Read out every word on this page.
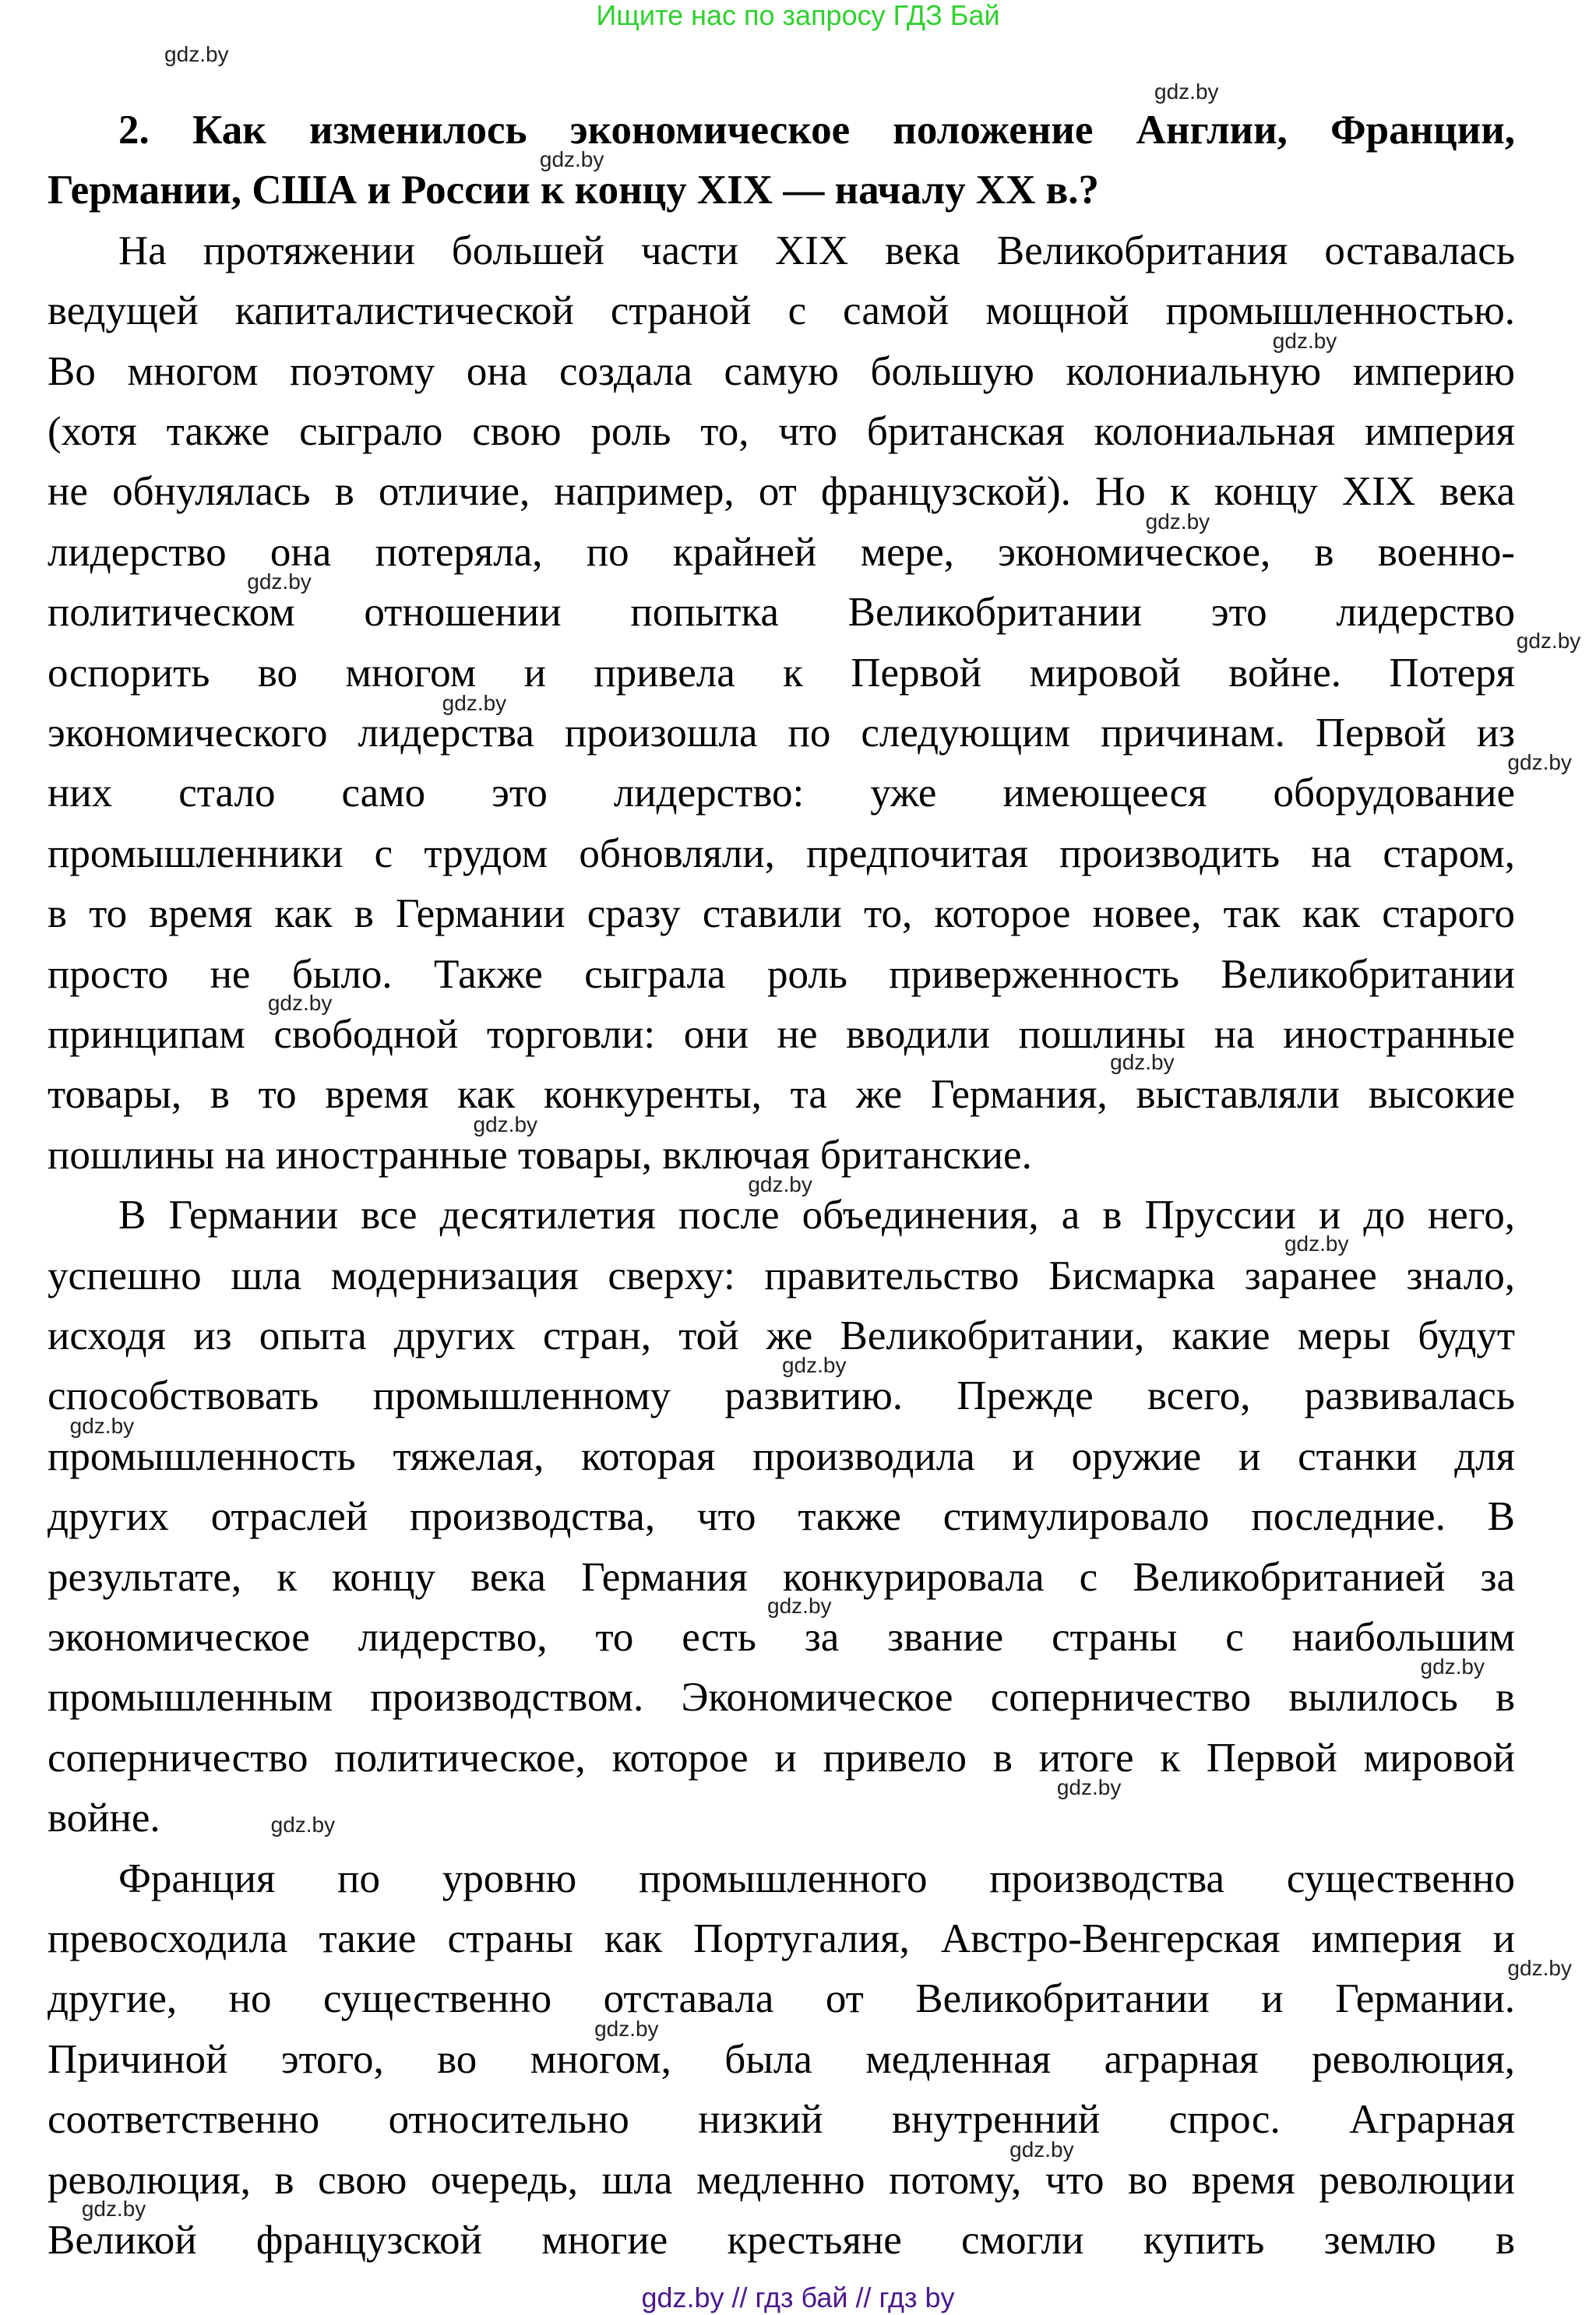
Ищите нас по запросу ГДЗ Бай
2. Как изменилось экономическое положение Англии, Франции,
Германии, США и России к концу XIX — началу XX в.?
На протяжении большей части XIX века Великобритания оставалась
ведущей капиталистической страной с самой мощной промышленностью.
Во многом поэтому она создала самую большую колониальную империю
(хотя также сыграло свою роль то, что британская колониальная империя
не обнулялась в отличие, например, от французской). Но к концу XIX века
лидерство она потеряла, по крайней мере, экономическое, в военно-
политическом отношении попытка Великобритании это лидерство
оспорить во многом и привела к Первой мировой войне. Потеря
экономического лидерства произошла по следующим причинам. Первой из
них стало само это лидерство: уже имеющееся оборудование
промышленники с трудом обновляли, предпочитая производить на старом,
в то время как в Германии сразу ставили то, которое новее, так как старого
просто не было. Также сыграла роль приверженность Великобритании
принципам свободной торговли: они не вводили пошлины на иностранные
товары, в то время как конкуренты, та же Германия, выставляли высокие
пошлины на иностранные товары, включая британские.
В Германии все десятилетия после объединения, а в Пруссии и до него,
успешно шла модернизация сверху: правительство Бисмарка заранее знало,
исходя из опыта других стран, той же Великобритании, какие меры будут
способствовать промышленному развитию. Прежде всего, развивалась
промышленность тяжелая, которая производила и оружие и станки для
других отраслей производства, что также стимулировало последние. В
результате, к концу века Германия конкурировала с Великобританией за
экономическое лидерство, то есть за звание страны с наибольшим
промышленным производством. Экономическое соперничество вылилось в
соперничество политическое, которое и привело в итоге к Первой мировой
войне.
Франция по уровню промышленного производства существенно
превосходила такие страны как Португалия, Австро-Венгерская империя и
другие, но существенно отставала от Великобритании и Германии.
Причиной этого, во многом, была медленная аграрная революция,
соответственно относительно низкий внутренний спрос. Аграрная
революция, в свою очередь, шла медленно потому, что во время революции
Великой французской многие крестьяне смогли купить землю в
gdz.by
gdz.by
gdz.by
gdz.by
gdz.by
gdz.by
gdz.by
gdz.by
gdz.by
gdz.by
gdz.by
gdz.by
gdz.by
gdz.by
gdz.by
gdz.by
gdz.by
gdz.by
gdz.by
gdz.by
gdz.by
gdz.by
gdz.by
gdz.by
gdz.by // гдз бай // гдз by
